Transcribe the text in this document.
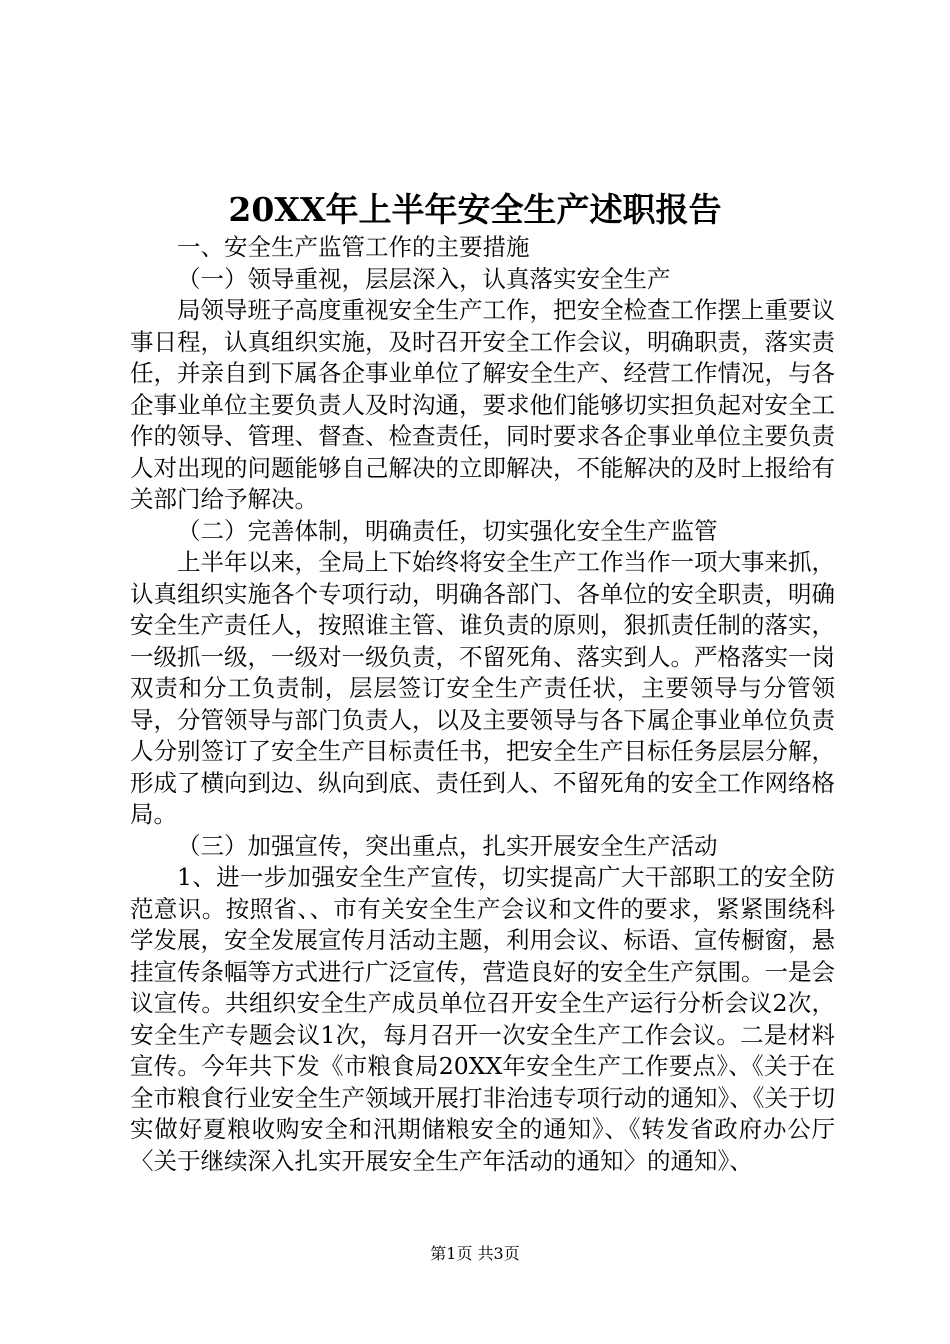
20XX年上半年安全生产述职报告

一、安全生产监管工作的主要措施

（一）领导重视，层层深入，认真落实安全生产

局领导班子高度重视安全生产工作，把安全检查工作摆上重要议事日程，认真组织实施，及时召开安全工作会议，明确职责，落实责任，并亲自到下属各企事业单位了解安全生产、经营工作情况，与各企事业单位主要负责人及时沟通，要求他们能够切实担负起对安全工作的领导、管理、督查、检查责任，同时要求各企事业单位主要负责人对出现的问题能够自己解决的立即解决，不能解决的及时上报给有关部门给予解决。

（二）完善体制，明确责任，切实强化安全生产监管

上半年以来，全局上下始终将安全生产工作当作一项大事来抓，认真组织实施各个专项行动，明确各部门、各单位的安全职责，明确安全生产责任人，按照谁主管、谁负责的原则，狠抓责任制的落实，一级抓一级，一级对一级负责，不留死角、落实到人。严格落实一岗双责和分工负责制，层层签订安全生产责任状，主要领导与分管领导，分管领导与部门负责人，以及主要领导与各下属企事业单位负责人分别签订了安全生产目标责任书，把安全生产目标任务层层分解，形成了横向到边、纵向到底、责任到人、不留死角的安全工作网络格局。

（三）加强宣传，突出重点，扎实开展安全生产活动

1、进一步加强安全生产宣传，切实提高广大干部职工的安全防范意识。按照省、、市有关安全生产会议和文件的要求，紧紧围绕科学发展，安全发展宣传月活动主题，利用会议、标语、宣传橱窗，悬挂宣传条幅等方式进行广泛宣传，营造良好的安全生产氛围。一是会议宣传。共组织安全生产成员单位召开安全生产运行分析会议2次，安全生产专题会议1次，每月召开一次安全生产工作会议。二是材料宣传。今年共下发《市粮食局20XX年安全生产工作要点》、《关于在全市粮食行业安全生产领域开展打非治违专项行动的通知》、《关于切实做好夏粮收购安全和汛期储粮安全的通知》、《转发省政府办公厅〈关于继续深入扎实开展安全生产年活动的通知〉的通知》、

第1页 共3页
